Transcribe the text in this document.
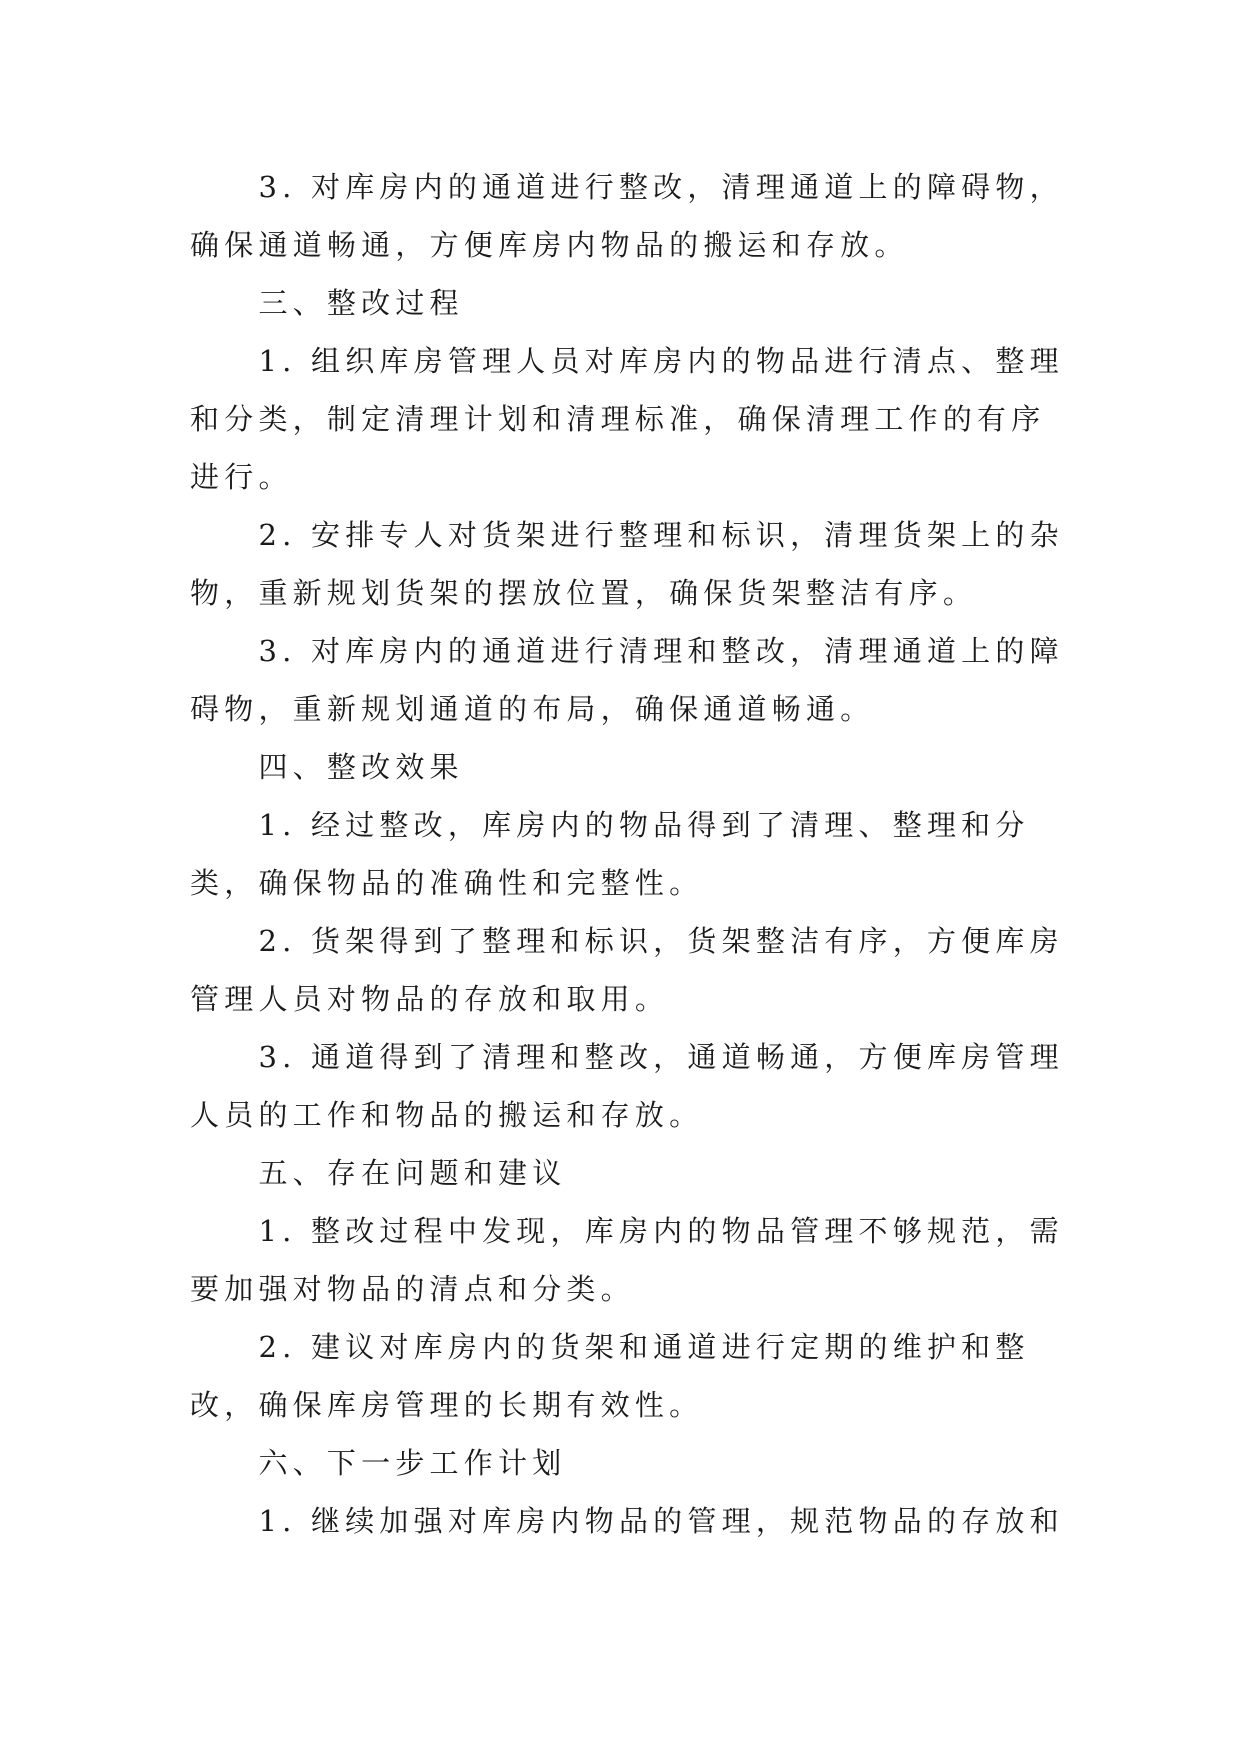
3. 对库房内的通道进行整改，清理通道上的障碍物，确保通道畅通，方便库房内物品的搬运和存放。

三、整改过程

1. 组织库房管理人员对库房内的物品进行清点、整理和分类，制定清理计划和清理标准，确保清理工作的有序进行。

2. 安排专人对货架进行整理和标识，清理货架上的杂物，重新规划货架的摆放位置，确保货架整洁有序。

3. 对库房内的通道进行清理和整改，清理通道上的障碍物，重新规划通道的布局，确保通道畅通。

四、整改效果

1. 经过整改，库房内的物品得到了清理、整理和分类，确保物品的准确性和完整性。

2. 货架得到了整理和标识，货架整洁有序，方便库房管理人员对物品的存放和取用。

3. 通道得到了清理和整改，通道畅通，方便库房管理人员的工作和物品的搬运和存放。

五、存在问题和建议

1. 整改过程中发现，库房内的物品管理不够规范，需要加强对物品的清点和分类。

2. 建议对库房内的货架和通道进行定期的维护和整改，确保库房管理的长期有效性。

六、下一步工作计划

1. 继续加强对库房内物品的管理，规范物品的存放和
